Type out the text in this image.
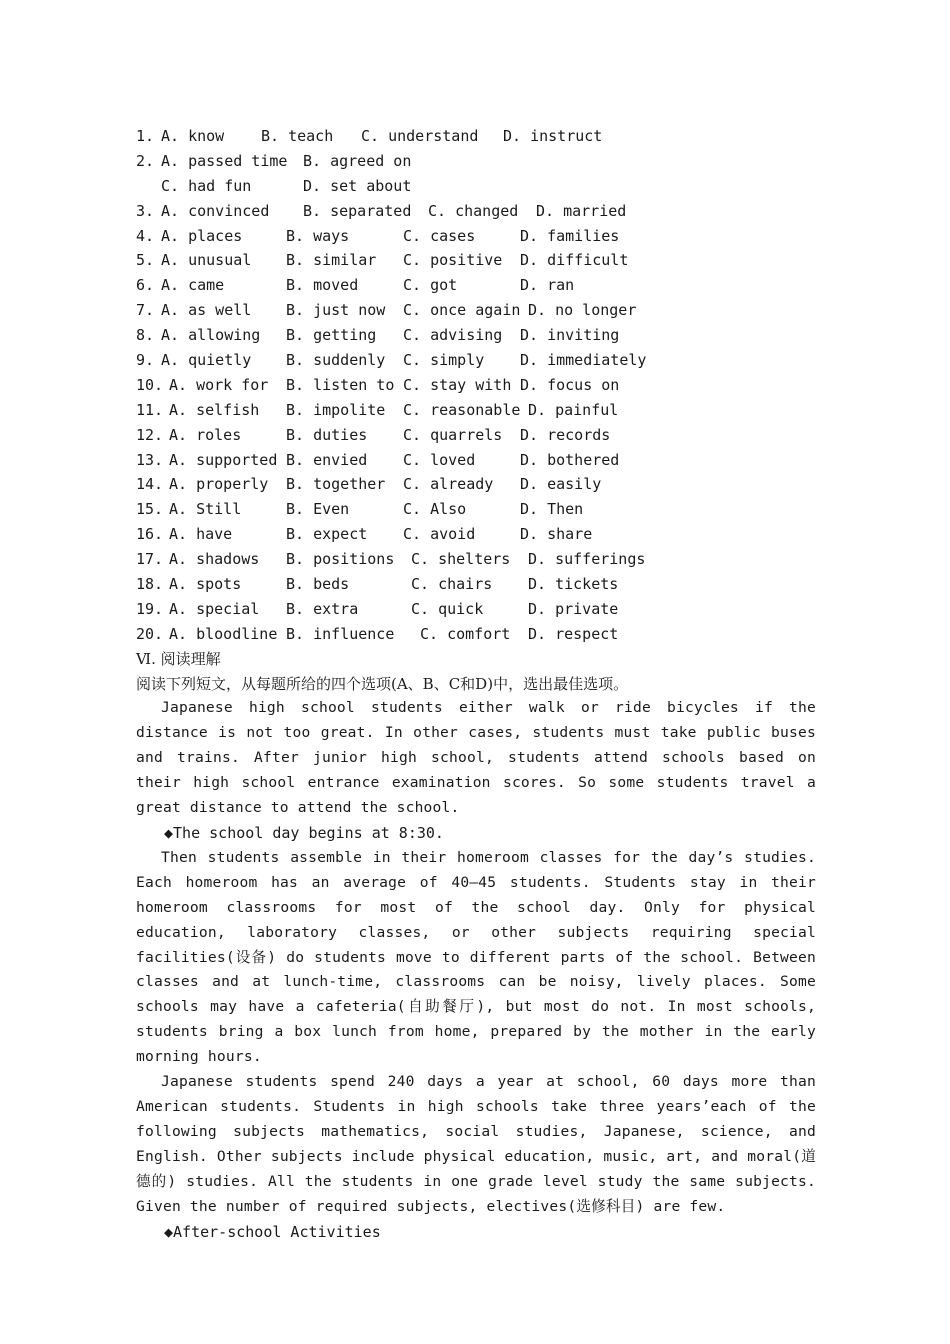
1. A. know B. teach C. understand D. instruct
2. A. passed time B. agreed on
C. had fun	D. set about
3. A. convinced B. separated C. changed D. married
4. A. places	B. ways	C. cases	D. families
5. A. unusual B. similar C. positive D. difficult
6. A. came	B. moved	C. got	D. ran
7. A. as well B. just now C. once again D. no longer
8. A. allowing B. getting C. advising D. inviting
9. A. quietly B. suddenly C. simply D. immediately
10. A. work for B. listen to C. stay with D. focus on
11. A. selfish B. impolite C. reasonable D. painful
12. A. roles	B. duties C. quarrels D. records
13. A. supported B. envied C. loved	D. bothered
14. A. properly B. together C. already D. easily
15. A. Still	B. Even	C. Also	D. Then
16. A. have	B. expect C. avoid	D. share
17. A. shadows B. positions C. shelters D. sufferings
18. A. spots	B. beds	C. chairs D. tickets
19. A. special B. extra	C. quick	D. private
20. A. bloodline B. influence C. comfort D. respect
Ⅵ. 阅读理解
阅读下列短文，从每题所给的四个选项(A、B、C和D)中，选出最佳选项。

Japanese high school students either walk or ride bicycles if the distance is not too great. In other cases, students must take public buses and trains. After junior high school, students attend schools based on their high school entrance examination scores. So some students travel a great distance to attend the school.

◆The school day begins at 8:30.

Then students assemble in their homeroom classes for the day’s studies. Each homeroom has an average of 40—45 students. Students stay in their homeroom classrooms for most of the school day. Only for physical education, laboratory classes, or other subjects requiring special facilities(设备) do students move to different parts of the school. Between classes and at lunch-time, classrooms can be noisy, lively places. Some schools may have a cafeteria(自助餐厅), but most do not. In most schools, students bring a box lunch from home, prepared by the mother in the early morning hours.

Japanese students spend 240 days a year at school, 60 days more than American students. Students in high schools take three years’each of the following subjects mathematics, social studies, Japanese, science, and English. Other subjects include physical education, music, art, and moral(道德的) studies. All the students in one grade level study the same subjects. Given the number of required subjects, electives(选修科目) are few.

◆After-school Activities
